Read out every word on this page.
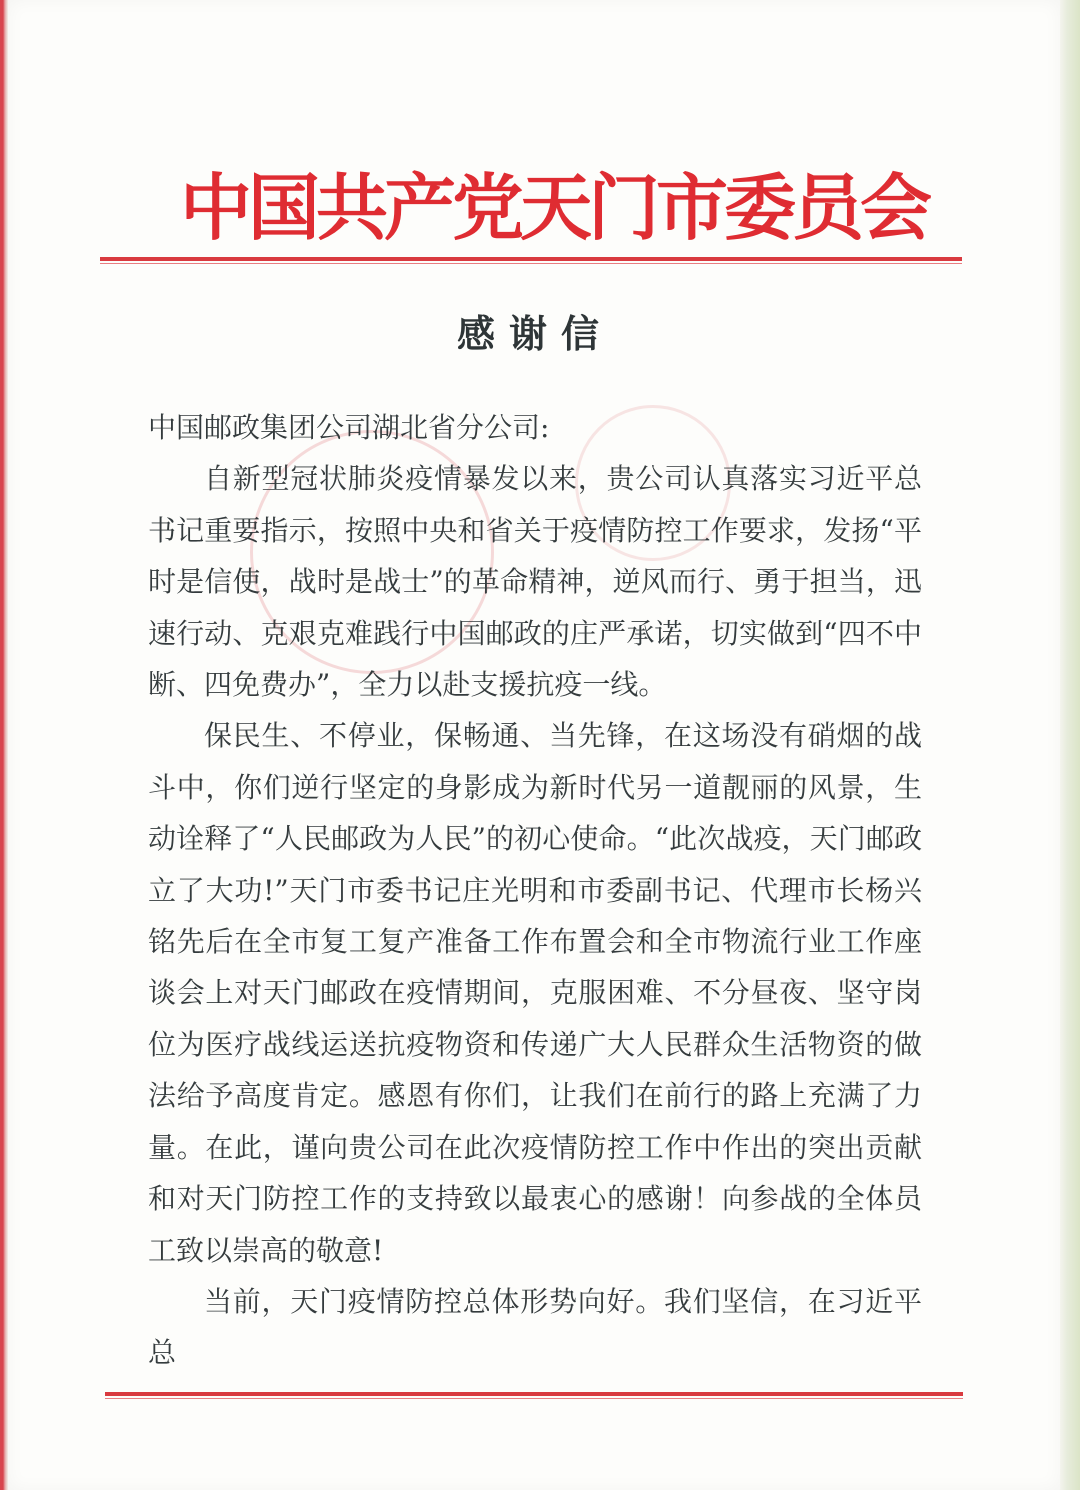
中国共产党天门市委员会
感谢信

中国邮政集团公司湖北省分公司:

自新型冠状肺炎疫情暴发以来，贵公司认真落实习近平总书记重要指示，按照中央和省关于疫情防控工作要求，发扬“平时是信使，战时是战士”的革命精神，逆风而行、勇于担当，迅速行动、克艰克难践行中国邮政的庄严承诺，切实做到“四不中断、四免费办”，全力以赴支援抗疫一线。

保民生、不停业，保畅通、当先锋，在这场没有硝烟的战斗中，你们逆行坚定的身影成为新时代另一道靓丽的风景，生动诠释了“人民邮政为人民”的初心使命。“此次战疫，天门邮政立了大功!”天门市委书记庄光明和市委副书记、代理市长杨兴铭先后在全市复工复产准备工作布置会和全市物流行业工作座谈会上对天门邮政在疫情期间，克服困难、不分昼夜、坚守岗位为医疗战线运送抗疫物资和传递广大人民群众生活物资的做法给予高度肯定。感恩有你们，让我们在前行的路上充满了力量。在此，谨向贵公司在此次疫情防控工作中作出的突出贡献和对天门防控工作的支持致以最衷心的感谢！向参战的全体员工致以崇高的敬意!

当前，天门疫情防控总体形势向好。我们坚信，在习近平总
